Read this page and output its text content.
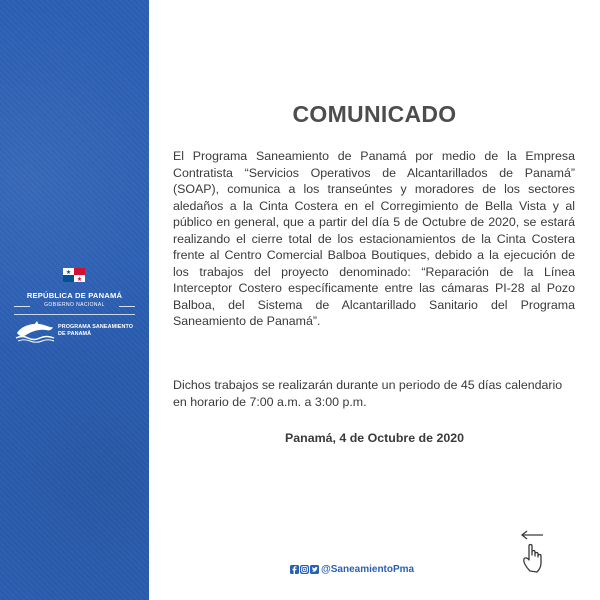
REPÚBLICA DE PANAMÁ
GOBIERNO NACIONAL
PROGRAMA SANEAMIENTO
DE PANAMÁ
COMUNICADO

El Programa Saneamiento de Panamá por medio de la Empresa Contratista “Servicios Operativos de Alcantarillados de Panamá” (SOAP), comunica a los transeúntes y moradores de los sectores aledaños a la Cinta Costera en el Corregimiento de Bella Vista y al público en general, que a partir del día 5 de Octubre de 2020, se estará realizando el cierre total de los estacionamientos de la Cinta Costera frente al Centro Comercial Balboa Boutiques, debido a la ejecución de los trabajos del proyecto denominado: “Reparación de la Línea Interceptor Costero específicamente entre las cámaras PI-28 al Pozo Balboa, del Sistema de Alcantarillado Sanitario del Programa Saneamiento de Panamá”.

Dichos trabajos se realizarán durante un periodo de 45 días calendario en horario de 7:00 a.m. a 3:00 p.m.

Panamá, 4 de Octubre de 2020

@SaneamientoPma
